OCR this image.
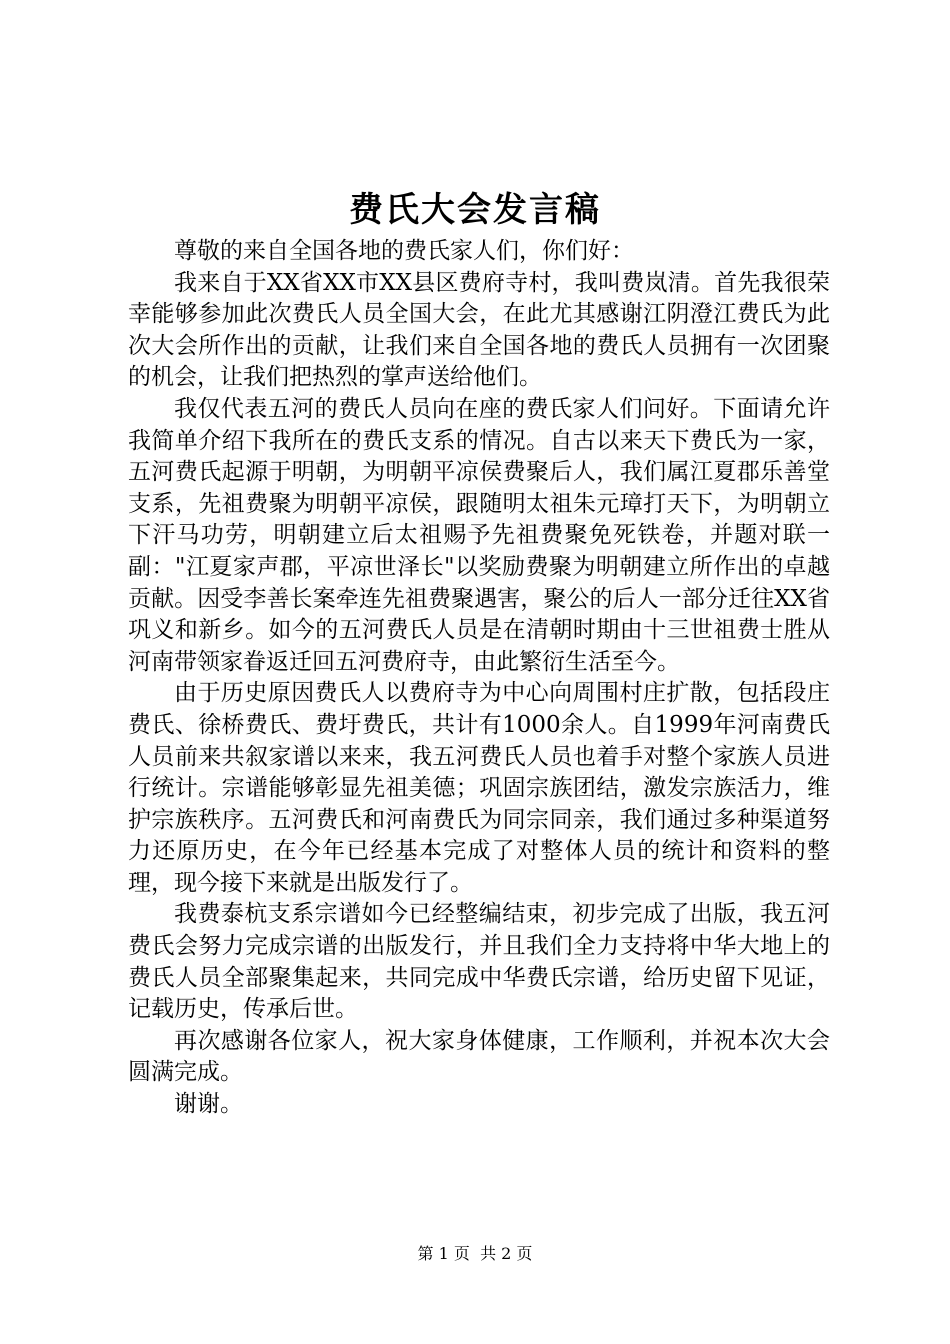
费氏大会发言稿

尊敬的来自全国各地的费氏家人们，你们好：

我来自于XX省XX市XX县区费府寺村，我叫费岚清。首先我很荣幸能够参加此次费氏人员全国大会，在此尤其感谢江阴澄江费氏为此次大会所作出的贡献，让我们来自全国各地的费氏人员拥有一次团聚的机会，让我们把热烈的掌声送给他们。

我仅代表五河的费氏人员向在座的费氏家人们问好。下面请允许我简单介绍下我所在的费氏支系的情况。自古以来天下费氏为一家，五河费氏起源于明朝，为明朝平凉侯费聚后人，我们属江夏郡乐善堂支系，先祖费聚为明朝平凉侯，跟随明太祖朱元璋打天下，为明朝立下汗马功劳，明朝建立后太祖赐予先祖费聚免死铁卷，并题对联一副："江夏家声郡，平凉世泽长"以奖励费聚为明朝建立所作出的卓越贡献。因受李善长案牵连先祖费聚遇害，聚公的后人一部分迁往XX省巩义和新乡。如今的五河费氏人员是在清朝时期由十三世祖费士胜从河南带领家眷返迁回五河费府寺，由此繁衍生活至今。

由于历史原因费氏人以费府寺为中心向周围村庄扩散，包括段庄费氏、徐桥费氏、费圩费氏，共计有1000余人。自1999年河南费氏人员前来共叙家谱以来来，我五河费氏人员也着手对整个家族人员进行统计。宗谱能够彰显先祖美德；巩固宗族团结，激发宗族活力，维护宗族秩序。五河费氏和河南费氏为同宗同亲，我们通过多种渠道努力还原历史，在今年已经基本完成了对整体人员的统计和资料的整理，现今接下来就是出版发行了。

我费泰杭支系宗谱如今已经整编结束，初步完成了出版，我五河费氏会努力完成宗谱的出版发行，并且我们全力支持将中华大地上的费氏人员全部聚集起来，共同完成中华费氏宗谱，给历史留下见证，记载历史，传承后世。

再次感谢各位家人，祝大家身体健康，工作顺利，并祝本次大会圆满完成。

谢谢。

第 1 页  共 2 页
